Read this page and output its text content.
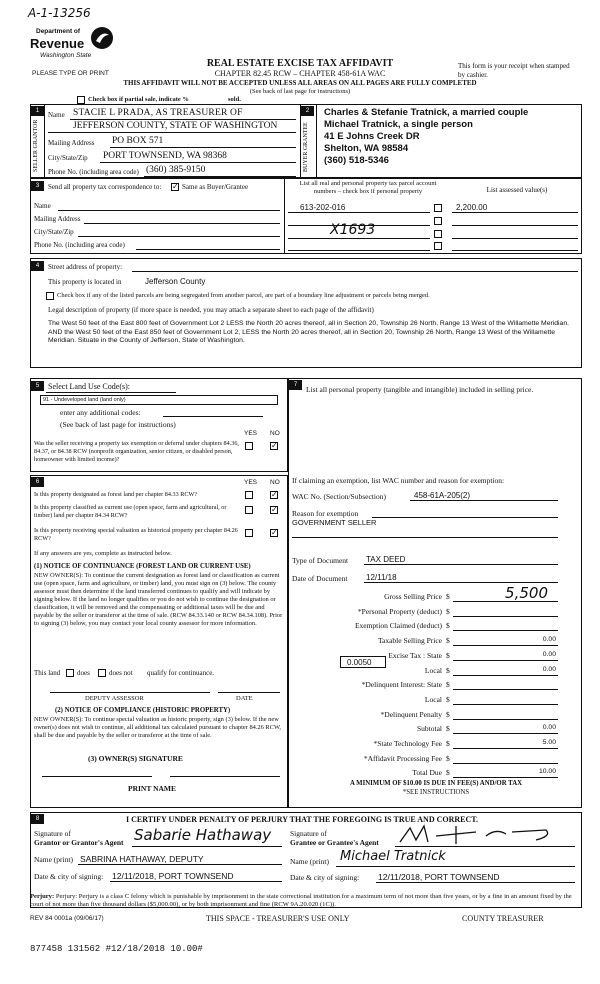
A-1-13256
Department of
Revenue
Washington State
PLEASE TYPE OR PRINT
REAL ESTATE EXCISE TAX AFFIDAVIT
CHAPTER 82.45 RCW – CHAPTER 458-61A WAC
THIS AFFIDAVIT WILL NOT BE ACCEPTED UNLESS ALL AREAS ON ALL PAGES ARE FULLY COMPLETED
(See back of last page for instructions)
This form is your receipt when stamped by cashier.
Check box if partial sale, indicate %	sold.
1
SELLER GRANTOR
Name STACIE L PRADA, AS TREASURER OF
JEFFERSON COUNTY, STATE OF WASHINGTON
Mailing Address PO BOX 571
City/State/Zip PORT TOWNSEND, WA 98368
Phone No. (including area code) (360) 385-9150
2
BUYER GRANTEE
Charles & Stefanie Tratnick, a married couple
Michael Tratnick, a single person
41 E Johns Creek DR
Shelton, WA 98584
(360) 518-5346
3	Send all property tax correspondence to: ✓ Same as Buyer/Grantee
Name
Mailing Address
City/State/Zip
Phone No. (including area code)
List all real and personal property tax parcel account numbers – check box if personal property	List assessed value(s)
613-202-016	2,200.00
X1693
4	Street address of property:
This property is located in	Jefferson County
Check box if any of the listed parcels are being segregated from another parcel, are part of a boundary line adjustment or parcels being merged.
Legal description of property (if more space is needed, you may attach a separate sheet to each page of the affidavit)
The West 50 feet of the East 800 feet of Government Lot 2 LESS the North 20 acres thereof, all in Section 20, Township 26 North, Range 13 West of the Willamette Meridian. AND the West 50 feet of the East 850 feet of Government Lot 2, LESS the North 20 acres thereof, all in Section 20, Township 26 North, Range 13 West of the Willamette Meridian. Situate in the County of Jefferson, State of Washington.
5	Select Land Use Code(s):
91 - Undeveloped land (land only)
enter any additional codes:
(See back of last page for instructions)
YES NO
Was the seller receiving a property tax exemption or deferral under chapters 84.36, 84.37, or 84.38 RCW (nonprofit organization, senior citizen, or disabled person, homeowner with limited income)?
✓
6	YES NO
Is this property designated as forest land per chapter 84.33 RCW?	✓
Is this property classified as current use (open space, farm and agricultural, or timber) land per chapter 84.34 RCW?
✓
Is this property receiving special valuation as historical property per chapter 84.26 RCW?
✓
If any answers are yes, complete as instructed below.
(1) NOTICE OF CONTINUANCE (FOREST LAND OR CURRENT USE)
NEW OWNER(S): To continue the current designation as forest land or classification as current use (open space, farm and agriculture, or timber) land, you must sign on (3) below. The county assessor must then determine if the land transferred continues to qualify and will indicate by signing below. If the land no longer qualifies or you do not wish to continue the designation or classification, it will be removed and the compensating or additional taxes will be due and payable by the seller or transferor at the time of sale. (RCW 84.33.140 or RCW 84.34.108). Prior to signing (3) below, you may contact your local county assessor for more information.
This land does	does not qualify for continuance.
DEPUTY ASSESSOR	DATE
(2) NOTICE OF COMPLIANCE (HISTORIC PROPERTY)
NEW OWNER(S): To continue special valuation as historic property, sign (3) below. If the new owner(s) does not wish to continue, all additional tax calculated pursuant to chapter 84.26 RCW, shall be due and payable by the seller or transferor at the time of sale.
(3) OWNER(S) SIGNATURE
PRINT NAME
7	List all personal property (tangible and intangible) included in selling price.
If claiming an exemption, list WAC number and reason for exemption:
WAC No. (Section/Subsection)	458-61A-205(2)
Reason for exemption
GOVERNMENT SELLER
Type of Document TAX DEED
Date of Document 12/11/18
Gross Selling Price $	5,500
*Personal Property (deduct) $
Exemption Claimed (deduct) $
Taxable Selling Price $	0.00
Excise Tax : State $	0.00
Local $	0.00
*Delinquent Interest: State $
Local $
*Delinquent Penalty $
Subtotal $	0.00
*State Technology Fee $	5.00
*Affidavit Processing Fee $
Total Due $	10.00
0.0050
A MINIMUM OF $10.00 IS DUE IN FEE(S) AND/OR TAX
*SEE INSTRUCTIONS
8	I CERTIFY UNDER PENALTY OF PERJURY THAT THE FOREGOING IS TRUE AND CORRECT.
Signature of
Grantor or Grantor's Agent Sabarie Hathaway	Signature of
Grantee or Grantee's Agent
Name (print) SABRINA HATHAWAY, DEPUTY	Name (print) Michael Tratnick
Date & city of signing: 12/11/2018, PORT TOWNSEND	Date & city of signing: 12/11/2018, PORT TOWNSEND
Perjury: Perjury: Perjury is a class C felony which is punishable by imprisonment in the state correctional institution for a maximum term of not more than five years, or by a fine in an amount fixed by the court of not more than five thousand dollars ($5,000.00), or by both imprisonment and fine (RCW 9A.20.020 (1C)).
REV 84 0001a (09/06/17)	THIS SPACE - TREASURER'S USE ONLY	COUNTY TREASURER
877458 131562 #12/18/2018 10.00#
